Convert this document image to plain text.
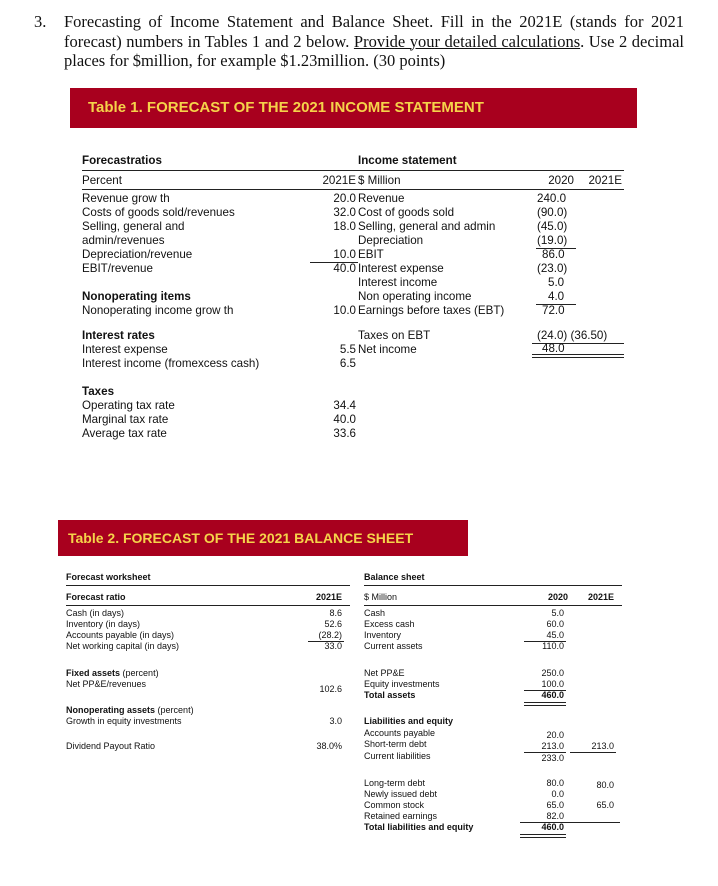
3. Forecasting of Income Statement and Balance Sheet. Fill in the 2021E (stands for 2021 forecast) numbers in Tables 1 and 2 below. Provide your detailed calculations. Use 2 decimal places for $million, for example $1.23million. (30 points)
Table 1. FORECAST OF THE 2021 INCOME STATEMENT
Forecastratios
Percent	2021E
Revenue grow th	20.0
Costs of goods sold/revenues	32.0
Selling, general and	18.0
admin/revenues
Depreciation/revenue	10.0
EBIT/revenue	40.0
Nonoperating items
Nonoperating income grow th	10.0
Interest rates
Interest expense	5.5
Interest income (fromexcess cash)	6.5
Taxes
Operating tax rate	34.4
Marginal tax rate	40.0
Average tax rate	33.6
Income statement
$ Million	2020	2021E
Revenue	240.0
Cost of goods sold	(90.0)
Selling, general and admin	(45.0)
Depreciation	(19.0)
EBIT	86.0
Interest expense	(23.0)
Interest income	5.0
Non operating income	4.0
Earnings before taxes (EBT)	72.0
Taxes on EBT	(24.0) (36.50)
Net income	48.0
Table 2. FORECAST OF THE 2021 BALANCE SHEET
Forecast worksheet
Forecast ratio	2021E
Cash (in days)	8.6
Inventory (in days)	52.6
Accounts payable (in days)	(28.2)
Net working capital (in days)	33.0
Fixed assets (percent)
Net PP&E/revenues	102.6
Nonoperating assets (percent)
Growth in equity investments	3.0
Dividend Payout Ratio	38.0%
Balance sheet
$ Million	2020	2021E
Cash	5.0
Excess cash	60.0
Inventory	45.0
Current assets	110.0
Net PP&E	250.0
Equity investments	100.0
Total assets	460.0
Liabilities and equity
Accounts payable	20.0
Short-term debt	213.0	213.0
Current liabilities	233.0
Long-term debt	80.0	80.0
Newly issued debt	0.0
Common stock	65.0	65.0
Retained earnings	82.0
Total liabilities and equity	460.0
